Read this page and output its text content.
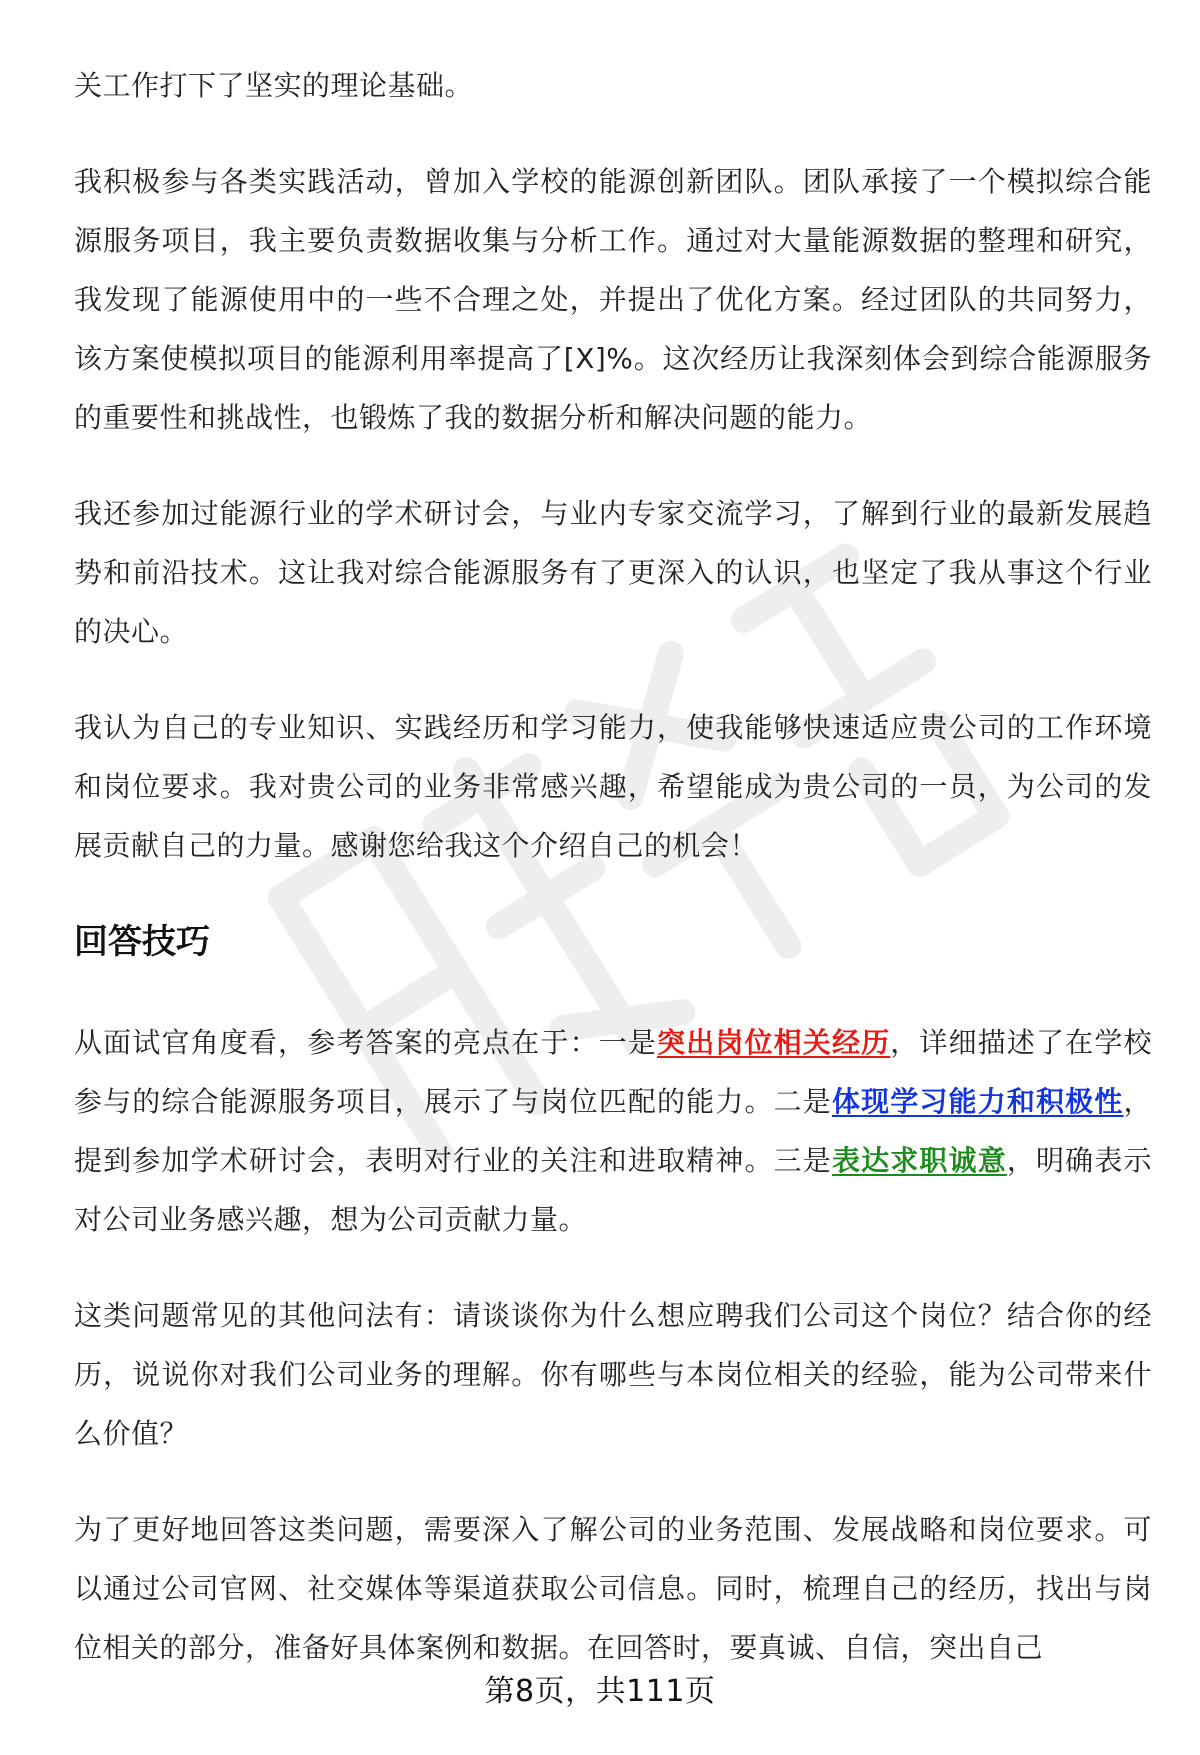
关工作打下了坚实的理论基础。

我积极参与各类实践活动，曾加入学校的能源创新团队。团队承接了一个模拟综合能源服务项目，我主要负责数据收集与分析工作。通过对大量能源数据的整理和研究，我发现了能源使用中的一些不合理之处，并提出了优化方案。经过团队的共同努力，该方案使模拟项目的能源利用率提高了[X]%。这次经历让我深刻体会到综合能源服务的重要性和挑战性，也锻炼了我的数据分析和解决问题的能力。

我还参加过能源行业的学术研讨会，与业内专家交流学习，了解到行业的最新发展趋势和前沿技术。这让我对综合能源服务有了更深入的认识，也坚定了我从事这个行业的决心。

我认为自己的专业知识、实践经历和学习能力，使我能够快速适应贵公司的工作环境和岗位要求。我对贵公司的业务非常感兴趣，希望能成为贵公司的一员，为公司的发展贡献自己的力量。感谢您给我这个介绍自己的机会！

回答技巧

从面试官角度看，参考答案的亮点在于：一是突出岗位相关经历，详细描述了在学校参与的综合能源服务项目，展示了与岗位匹配的能力。二是体现学习能力和积极性，提到参加学术研讨会，表明对行业的关注和进取精神。三是表达求职诚意，明确表示对公司业务感兴趣，想为公司贡献力量。

这类问题常见的其他问法有：请谈谈你为什么想应聘我们公司这个岗位？结合你的经历，说说你对我们公司业务的理解。你有哪些与本岗位相关的经验，能为公司带来什么价值？

为了更好地回答这类问题，需要深入了解公司的业务范围、发展战略和岗位要求。可以通过公司官网、社交媒体等渠道获取公司信息。同时，梳理自己的经历，找出与岗位相关的部分，准备好具体案例和数据。在回答时，要真诚、自信，突出自己

第8页，共111页
